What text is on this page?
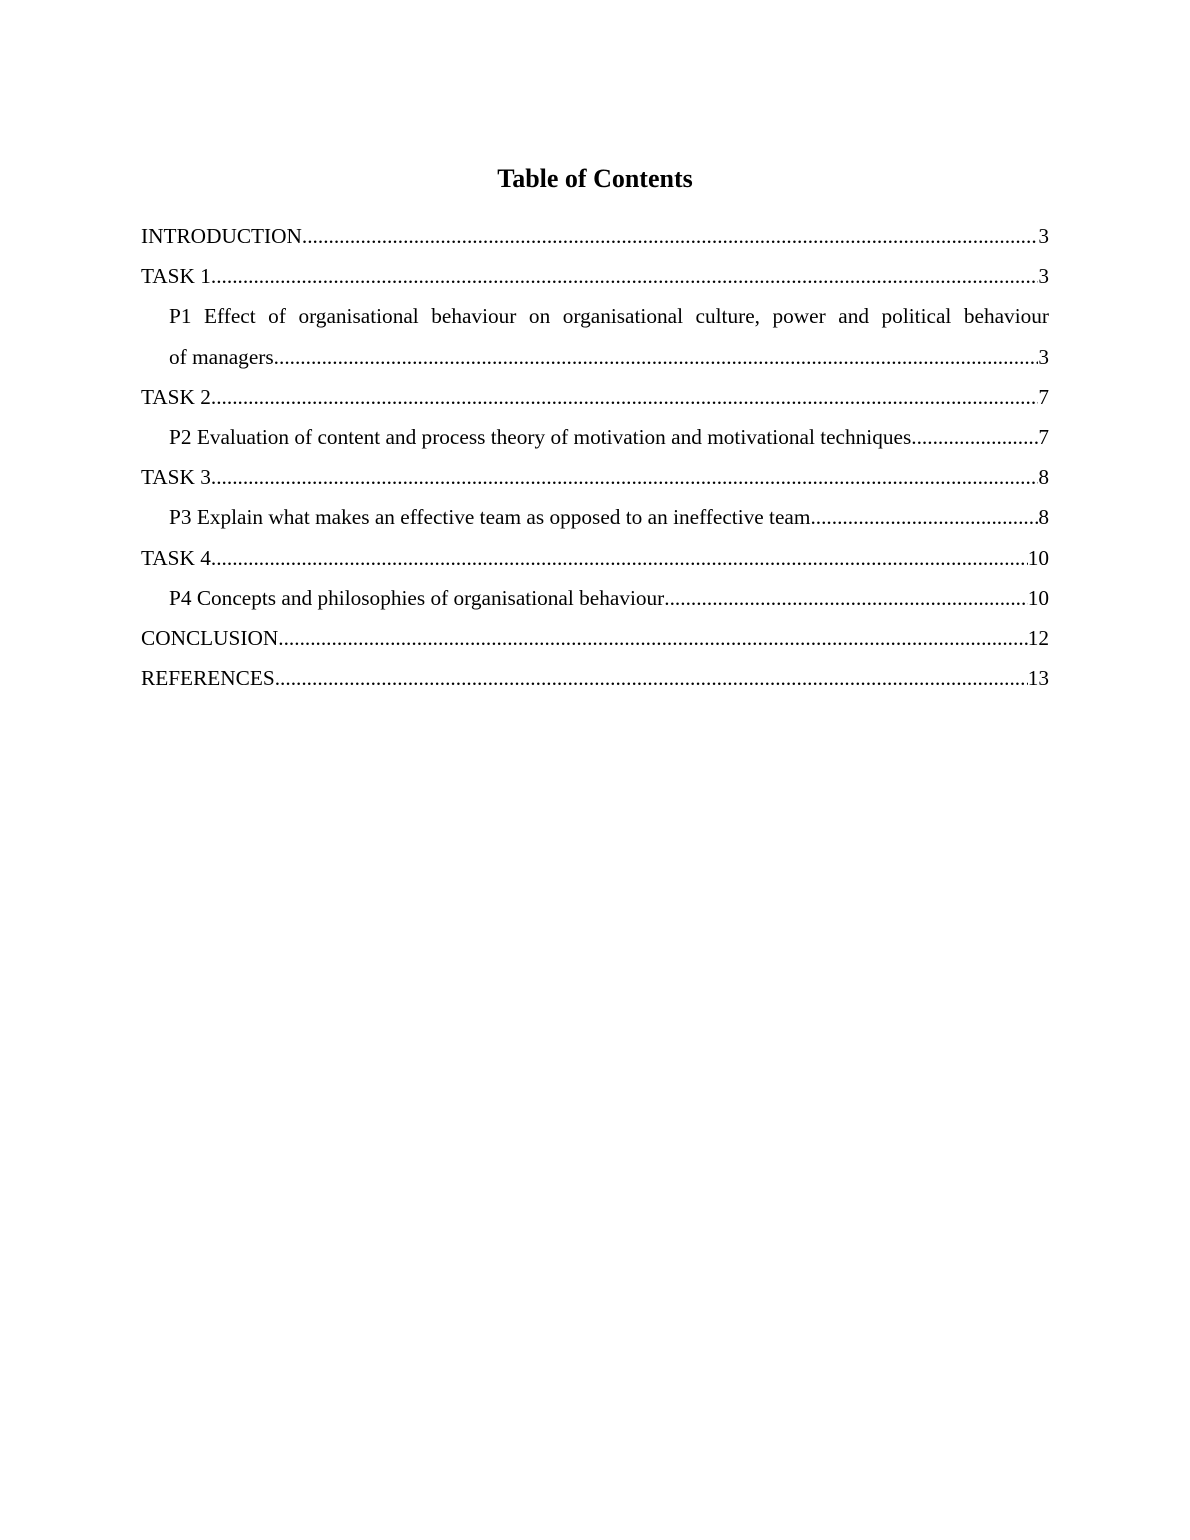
Table of Contents
INTRODUCTION .....	3
TASK 1 .....	3
P1 Effect of organisational behaviour on organisational culture, power and political behaviour
of managers .....	3
TASK 2 .....	7
P2 Evaluation of content and process theory of motivation and motivational techniques .....	7
TASK 3 .....	8
P3 Explain what makes an effective team as opposed to an ineffective team .....	8
TASK 4 .....	10
P4 Concepts and philosophies of organisational behaviour .....	10
CONCLUSION .....	12
REFERENCES .....	13
